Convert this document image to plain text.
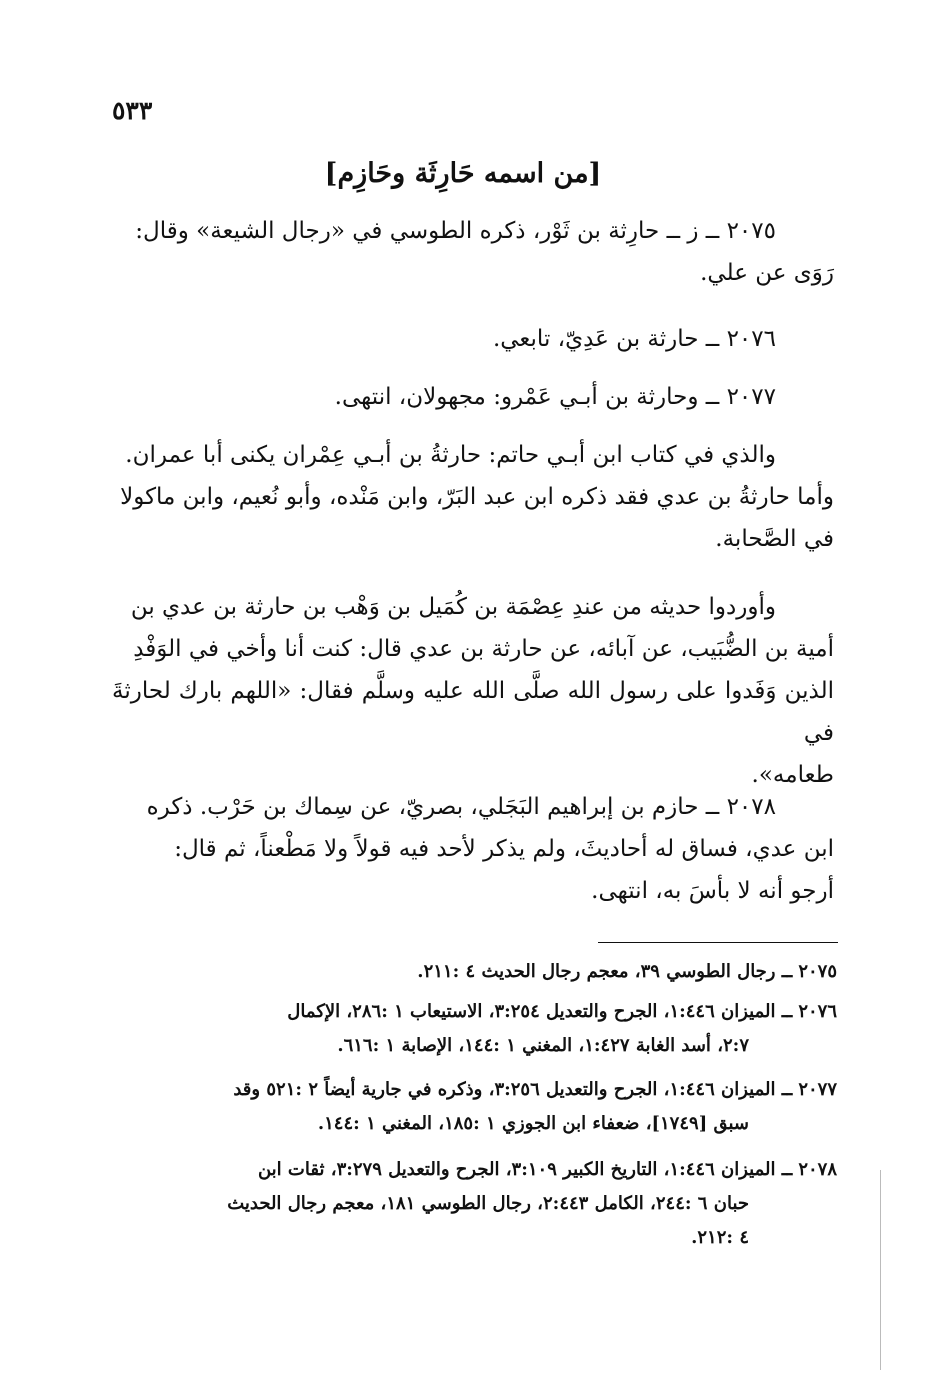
٥٣٣
[من اسمه حَارِثَة وحَازِم]

٢٠٧٥ ــ ز ــ حارِثة بن ثَوْر، ذكره الطوسي في «رجال الشيعة» وقال:

رَوَى عن علي.

٢٠٧٦ ــ حارثة بن عَدِيّ، تابعي.

٢٠٧٧ ــ وحارثة بن أبـي عَمْرو: مجهولان، انتهى.

والذي في كتاب ابن أبـي حاتم: حارثةُ بن أبـي عِمْران يكنى أبا عمران.

وأما حارثةُ بن عدي فقد ذكره ابن عبد البَرّ، وابن مَنْده، وأبو نُعيم، وابن ماكولا

في الصَّحابة.

وأوردوا حديثه من عندِ عِصْمَة بن كُمَيل بن وَهْب بن حارثة بن عدي بن

أمية بن الضُّبَيب، عن آبائه، عن حارثة بن عدي قال: كنت أنا وأخي في الوَفْدِ

الذين وَفَدوا على رسول الله صلَّى الله عليه وسلَّم فقال: «اللهم بارك لحارثةَ في

طعامه».

٢٠٧٨ ــ حازم بن إبراهيم البَجَلي، بصريّ، عن سِماك بن حَرْب. ذكره

ابن عدي، فساق له أحاديثَ، ولم يذكر لأحد فيه قولاً ولا مَطْعناً، ثم قال:

أرجو أنه لا بأسَ به، انتهى.

٢٠٧٥ــ رجال الطوسي ٣٩، معجم رجال الحديث ٤ :٢١١.
٢٠٧٦ــ الميزان ١:٤٤٦، الجرح والتعديل ٣:٢٥٤، الاستيعاب ١ :٢٨٦، الإكمال
٢:٧، أسد الغابة ١:٤٢٧، المغني ١ :١٤٤، الإصابة ١ :٦١٦.
٢٠٧٧ــ الميزان ١:٤٤٦، الجرح والتعديل ٣:٢٥٦، وذكره في جارية أيضاً ٢ :٥٢١ وقد
سبق [١٧٤٩]، ضعفاء ابن الجوزي ١ :١٨٥، المغني ١ :١٤٤.
٢٠٧٨ــ الميزان ١:٤٤٦، التاريخ الكبير ٣:١٠٩، الجرح والتعديل ٣:٢٧٩، ثقات ابن
حبان ٦ :٢٤٤، الكامل ٢:٤٤٣، رجال الطوسي ١٨١، معجم رجال الحديث
٤ :٢١٢.
